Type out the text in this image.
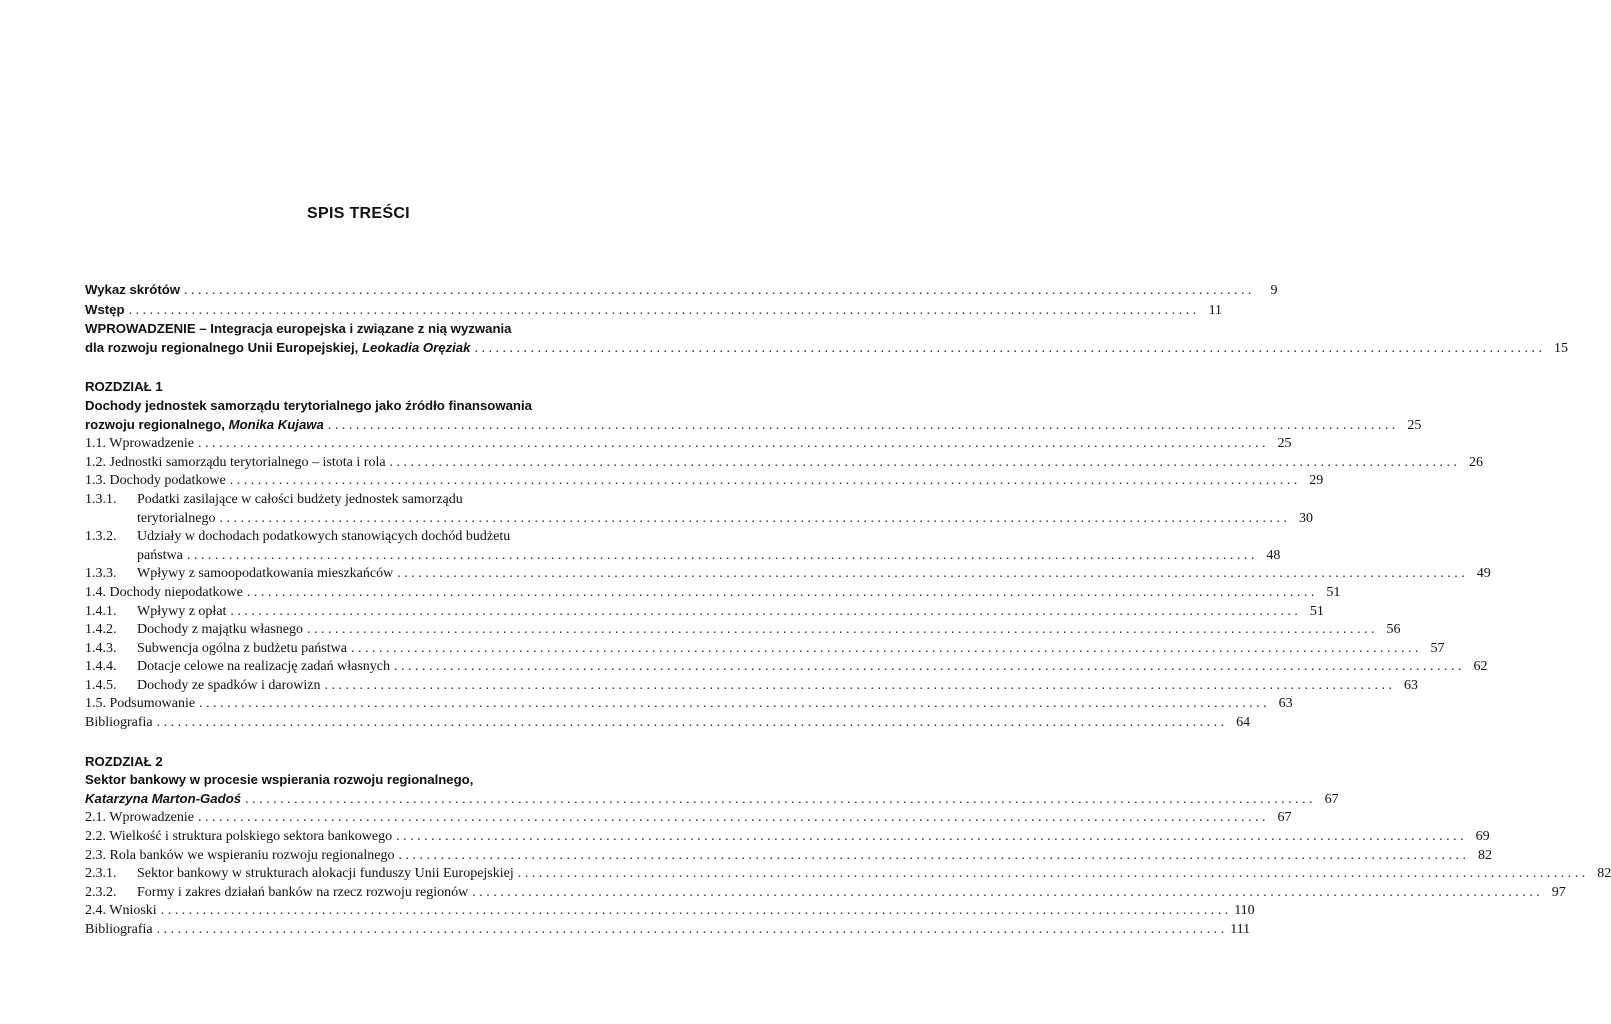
SPIS TREŚCI
Wykaz skrótów . . .	9
Wstęp . . .	11
WPROWADZENIE – Integracja europejska i związane z nią wyzwania
dla rozwoju regionalnego Unii Europejskiej, Leokadia Oręziak . . .	15
ROZDZIAŁ 1
Dochody jednostek samorządu terytorialnego jako źródło finansowania
rozwoju regionalnego, Monika Kujawa . . .	25
1.1. Wprowadzenie . . .	25
1.2. Jednostki samorządu terytorialnego – istota i rola . . .	26
1.3. Dochody podatkowe . . .	29
1.3.1. Podatki zasilające w całości budżety jednostek samorządu
terytorialnego . . .	30
1.3.2. Udziały w dochodach podatkowych stanowiących dochód budżetu
państwa . . .	48
1.3.3. Wpływy z samoopodatkowania mieszkańców . . .	49
1.4. Dochody niepodatkowe . . .	51
1.4.1. Wpływy z opłat . . .	51
1.4.2. Dochody z majątku własnego . . .	56
1.4.3. Subwencja ogólna z budżetu państwa . . .	57
1.4.4. Dotacje celowe na realizację zadań własnych . . .	62
1.4.5. Dochody ze spadków i darowizn . . .	63
1.5. Podsumowanie . . .	63
Bibliografia . . .	64
ROZDZIAŁ 2
Sektor bankowy w procesie wspierania rozwoju regionalnego,
Katarzyna Marton-Gadoś . . .	67
2.1. Wprowadzenie . . .	67
2.2. Wielkość i struktura polskiego sektora bankowego . . .	69
2.3. Rola banków we wspieraniu rozwoju regionalnego . . .	82
2.3.1. Sektor bankowy w strukturach alokacji funduszy Unii Europejskiej . . .	82
2.3.2. Formy i zakres działań banków na rzecz rozwoju regionów . . .	97
2.4. Wnioski . . .	110
Bibliografia . . .	111
